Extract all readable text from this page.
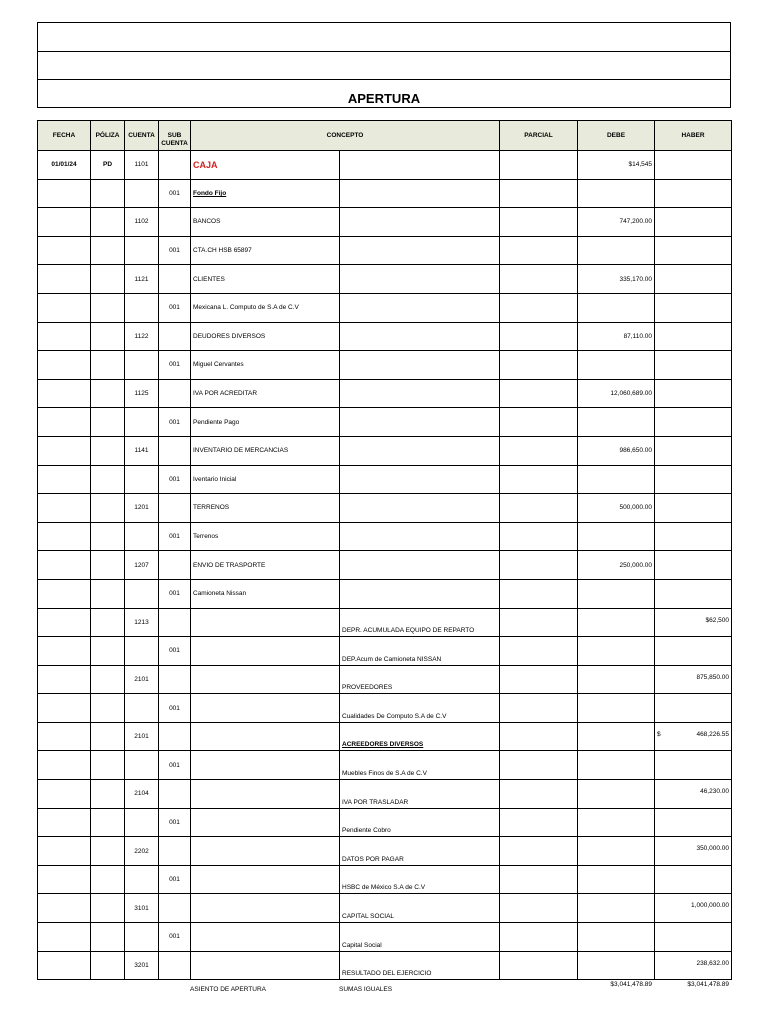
APERTURA
FECHA	PÓLIZA	CUENTA	SUB CUENTA	CONCEPTO		PARCIAL	DEBE	HABER
01/01/24	PD	1101		CAJA			$14,545	
			001	Fondo Fijo				
		1102		BANCOS			747,200.00	
			001	CTA.CH HSB 65897				
		1121		CLIENTES			335,170.00	
			001	Mexicana L. Computo de S.A de C.V				
		1122		DEUDORES DIVERSOS			87,110.00	
			001	Miguel Cervantes				
		1125		IVA POR ACREDITAR			12,060,689.00	
			001	Pendiente Pago				
		1141		INVENTARIO DE MERCANCIAS			986,650.00	
			001	Iventario Inicial				
		1201		TERRENOS			500,000.00	
			001	Terrenos				
		1207		ENVIO DE TRASPORTE			250,000.00	
			001	Camioneta Nissan				
		1213			DEPR. ACUMULADA EQUIPO DE REPARTO			$62,500
			001		DEP.Acum de Camioneta NISSAN			
		2101			PROVEEDORES			875,850.00
			001		Cualidades De Computo S.A de C.V			
		2101			ACREEDORES DIVERSOS			$ 468,226.55

			001		Muebles Finos de S.A de C.V			
		2104			IVA POR TRASLADAR			46,230.00
			001		Pendiente Cobro			
		2202			DATOS POR PAGAR			350,000.00
			001		HSBC de México S.A de C.V			
		3101			CAPITAL SOCIAL			1,000,000.00
			001		Capital Social			
		3201			RESULTADO DEL EJERCICIO			238,632.00
ASIENTO DE APERTURA	SUMAS IGUALES
$3,041,478.89	$3,041,478.89
